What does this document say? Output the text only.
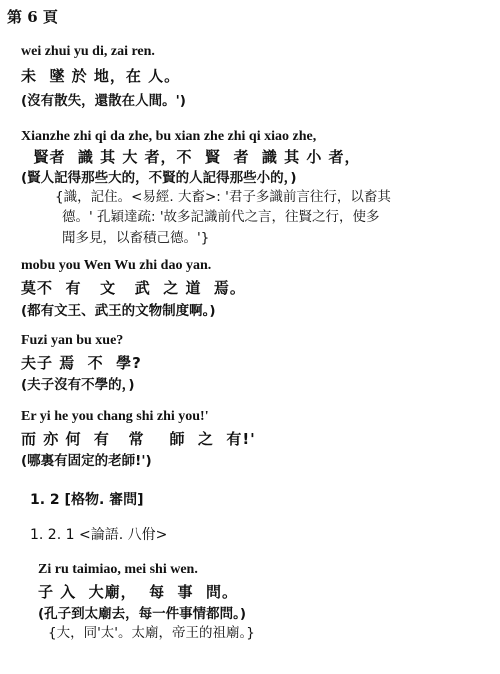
第 6 頁
wei zhui yu di, zai ren.
未  墜 於 地，在 人。
(沒有散失，還散在人間。')
Xianzhe zhi qi da zhe, bu xian zhe zhi qi xiao zhe,
賢者  識 其 大 者，不  賢  者  識 其 小 者，
(賢人記得那些大的，不賢的人記得那些小的，)
{識，記住。<易經. 大畜>: '君子多識前言往行，以畜其
德。' 孔穎達疏: '故多記識前代之言，往賢之行，使多
聞多見，以畜積己德。'}
mobu you Wen Wu zhi dao yan.
莫不  有   文   武  之 道  焉。
(都有文王、武王的文物制度啊。)
Fuzi yan bu xue?
夫子 焉  不  學?
(夫子沒有不學的，)
Er yi he you chang shi zhi you!'
而 亦 何  有   常    師  之  有!'
(哪裏有固定的老師!')
1. 2 [格物. 審問]
1. 2. 1 <論語. 八佾>
Zi ru taimiao, mei shi wen.
子 入  大廟，  每  事  問。
(孔子到太廟去，每一件事情都問。)
{大，同'太'。太廟，帝王的祖廟。}
